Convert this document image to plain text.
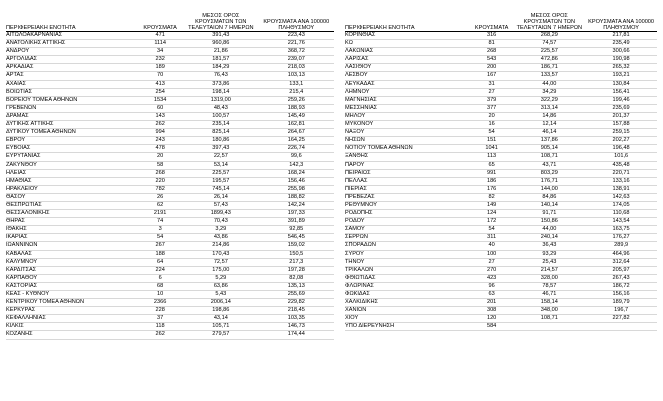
ΠΕΡΙΦΕΡΕΙΑΚΗ ΕΝΟΤΗΤΑ	ΚΡΟΥΣΜΑΤΑ	ΜΕΣΟΣ ΟΡΟΣ ΚΡΟΥΣΜΑΤΩΝ ΤΩΝ ΤΕΛΕΥΤΑΙΩΝ 7 ΗΜΕΡΩΝ	ΚΡΟΥΣΜΑΤΑ ΑΝΑ 100000 ΠΛΗΘΥΣΜΟΥ
ΑΙΤΩΛΟΑΚΑΡΝΑΝΙΑΣ	471	391,43	223,43
ΑΝΑΤΟΛΙΚΗΣ ΑΤΤΙΚΗΣ	1114	960,86	221,76
ΑΝΔΡΟΥ	34	21,86	368,72
ΑΡΓΟΛΙΔΑΣ	232	181,57	239,07
ΑΡΚΑΔΙΑΣ	189	184,29	218,03
ΑΡΤΑΣ	70	76,43	103,13
ΑΧΑΪΑΣ	413	373,86	133,1
ΒΟΙΩΤΙΑΣ	254	198,14	215,4
ΒΟΡΕΙΟΥ ΤΟΜΕΑ ΑΘΗΝΩΝ	1534	1319,00	259,26
ΓΡΕΒΕΝΩΝ	60	48,43	188,93
ΔΡΑΜΑΣ	143	100,57	145,49
ΔΥΤΙΚΗΣ ΑΤΤΙΚΗΣ	262	235,14	162,81
ΔΥΤΙΚΟΥ ΤΟΜΕΑ ΑΘΗΝΩΝ	994	825,14	264,67
ΕΒΡΟΥ	243	180,86	164,25
ΕΥΒΟΙΑΣ	478	397,43	226,74
ΕΥΡΥΤΑΝΙΑΣ	20	22,57	99,6
ΖΑΚΥΝΘΟΥ	58	53,14	142,3
ΗΛΕΙΑΣ	268	225,57	168,24
ΗΜΑΘΙΑΣ	220	195,57	156,46
ΗΡΑΚΛΕΙΟΥ	782	745,14	255,98
ΘΑΣΟΥ	26	26,14	188,82
ΘΕΣΠΡΩΤΙΑΣ	62	57,43	142,24
ΘΕΣΣΑΛΟΝΙΚΗΣ	2191	1899,43	197,33
ΘΗΡΑΣ	74	70,43	391,89
ΙΘΑΚΗΣ	3	3,29	92,85
ΙΚΑΡΙΑΣ	54	43,86	546,45
ΙΩΑΝΝΙΝΩΝ	267	214,86	159,02
ΚΑΒΑΛΑΣ	188	170,43	150,5
ΚΑΛΥΜΝΟΥ	64	72,57	217,3
ΚΑΡΔΙΤΣΑΣ	224	175,00	197,28
ΚΑΡΠΑΘΟΥ	6	5,29	82,08
ΚΑΣΤΟΡΙΑΣ	68	63,86	135,13
ΚΕΑΣ - ΚΥΘΝΟΥ	10	5,43	255,69
ΚΕΝΤΡΙΚΟΥ ΤΟΜΕΑ ΑΘΗΝΩΝ	2366	2006,14	229,82
ΚΕΡΚΥΡΑΣ	228	198,86	218,45
ΚΕΦΑΛΛΗΝΙΑΣ	37	43,14	103,35
ΚΙΛΚΙΣ	118	105,71	146,73
ΚΟΖΑΝΗΣ	262	279,57	174,44
ΠΕΡΙΦΕΡΕΙΑΚΗ ΕΝΟΤΗΤΑ	ΚΡΟΥΣΜΑΤΑ	ΜΕΣΟΣ ΟΡΟΣ ΚΡΟΥΣΜΑΤΩΝ ΤΩΝ ΤΕΛΕΥΤΑΙΩΝ 7 ΗΜΕΡΩΝ	ΚΡΟΥΣΜΑΤΑ ΑΝΑ 100000 ΠΛΗΘΥΣΜΟΥ
ΚΟΡΙΝΘΙΑΣ	316	268,29	217,81
ΚΩ	81	74,57	235,49
ΛΑΚΩΝΙΑΣ	268	225,57	300,66
ΛΑΡΙΣΑΣ	543	472,86	190,98
ΛΑΣΙΘΙΟΥ	200	186,71	265,32
ΛΕΣΒΟΥ	167	133,57	193,21
ΛΕΥΚΑΔΑΣ	31	44,00	130,84
ΛΗΜΝΟΥ	27	34,29	156,41
ΜΑΓΝΗΣΙΑΣ	379	322,29	199,46
ΜΕΣΣΗΝΙΑΣ	377	313,14	235,69
ΜΗΛΟΥ	20	14,86	201,37
ΜΥΚΟΝΟΥ	16	12,14	157,88
ΝΑΞΟΥ	54	46,14	259,15
ΝΗΣΩΝ	151	137,86	202,27
ΝΟΤΙΟΥ ΤΟΜΕΑ ΑΘΗΝΩΝ	1041	905,14	196,48
ΞΑΝΘΗΣ	113	108,71	101,6
ΠΑΡΟΥ	65	43,71	435,48
ΠΕΙΡΑΙΩΣ	991	803,29	220,71
ΠΕΛΛΑΣ	186	176,71	133,16
ΠΙΕΡΙΑΣ	176	144,00	138,91
ΠΡΕΒΕΖΑΣ	82	84,86	142,63
ΡΕΘΥΜΝΟΥ	149	140,14	174,05
ΡΟΔΟΠΗΣ	124	91,71	110,68
ΡΟΔΟΥ	172	150,86	143,54
ΣΑΜΟΥ	54	44,00	163,75
ΣΕΡΡΩΝ	311	240,14	176,27
ΣΠΟΡΑΔΩΝ	40	36,43	289,9
ΣΥΡΟΥ	100	93,29	464,96
ΤΗΝΟΥ	27	25,43	312,64
ΤΡΙΚΑΛΩΝ	270	214,57	205,97
ΦΘΙΩΤΙΔΑΣ	423	328,00	267,43
ΦΛΩΡΙΝΑΣ	96	78,57	186,72
ΦΩΚΙΔΑΣ	63	46,71	156,16
ΧΑΛΚΙΔΙΚΗΣ	201	158,14	189,79
ΧΑΝΙΩΝ	308	348,00	196,7
ΧΙΟΥ	120	108,71	227,82
ΥΠΟ ΔΙΕΡΕΥΝΗΣΗ	584		
